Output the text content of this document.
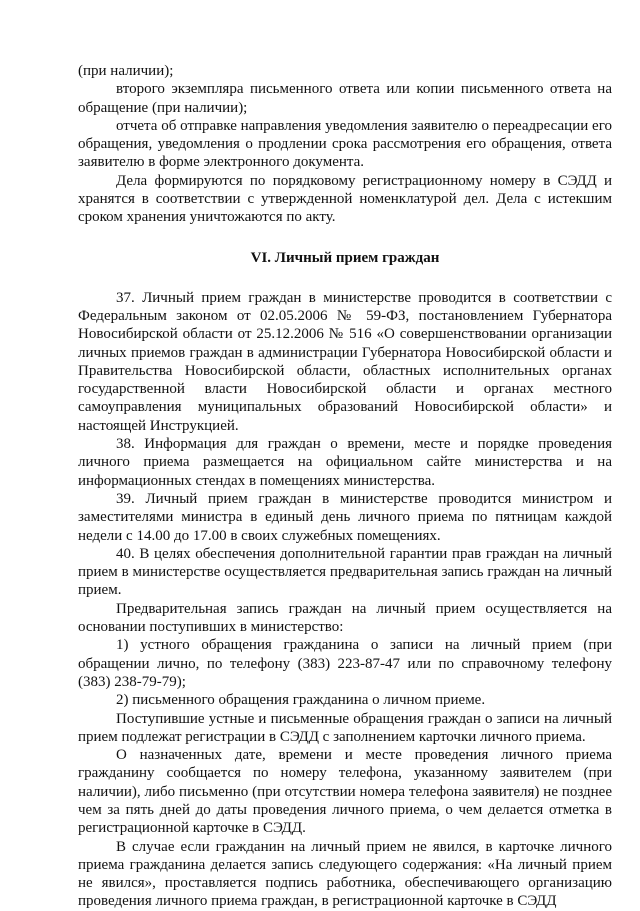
(при наличии);

второго экземпляра письменного ответа или копии письменного ответа на обращение (при наличии);

отчета об отправке направления уведомления заявителю о переадресации его обращения, уведомления о продлении срока рассмотрения его обращения, ответа заявителю в форме электронного документа.

Дела формируются по порядковому регистрационному номеру в СЭДД и хранятся в соответствии с утвержденной номенклатурой дел. Дела с истекшим сроком хранения уничтожаются по акту.

VI. Личный прием граждан

37. Личный прием граждан в министерстве проводится в соответствии с Федеральным законом от 02.05.2006 № 59-ФЗ, постановлением Губернатора Новосибирской области от 25.12.2006 № 516 «О совершенствовании организации личных приемов граждан в администрации Губернатора Новосибирской области и Правительства Новосибирской области, областных исполнительных органах государственной власти Новосибирской области и органах местного самоуправления муниципальных образований Новосибирской области» и настоящей Инструкцией.

38. Информация для граждан о времени, месте и порядке проведения личного приема размещается на официальном сайте министерства и на информационных стендах в помещениях министерства.

39. Личный прием граждан в министерстве проводится министром и заместителями министра в единый день личного приема по пятницам каждой недели с 14.00 до 17.00 в своих служебных помещениях.

40. В целях обеспечения дополнительной гарантии прав граждан на личный прием в министерстве осуществляется предварительная запись граждан на личный прием.

Предварительная запись граждан на личный прием осуществляется на основании поступивших в министерство:

1) устного обращения гражданина о записи на личный прием (при обращении лично, по телефону (383) 223-87-47 или по справочному телефону (383) 238-79-79);

2) письменного обращения гражданина о личном приеме.

Поступившие устные и письменные обращения граждан о записи на личный прием подлежат регистрации в СЭДД с заполнением карточки личного приема.

О назначенных дате, времени и месте проведения личного приема гражданину сообщается по номеру телефона, указанному заявителем (при наличии), либо письменно (при отсутствии номера телефона заявителя) не позднее чем за пять дней до даты проведения личного приема, о чем делается отметка в регистрационной карточке в СЭДД.

В случае если гражданин на личный прием не явился, в карточке личного приема гражданина делается запись следующего содержания: «На личный прием не явился», проставляется подпись работника, обеспечивающего организацию проведения личного приема граждан, в регистрационной карточке в СЭДД
